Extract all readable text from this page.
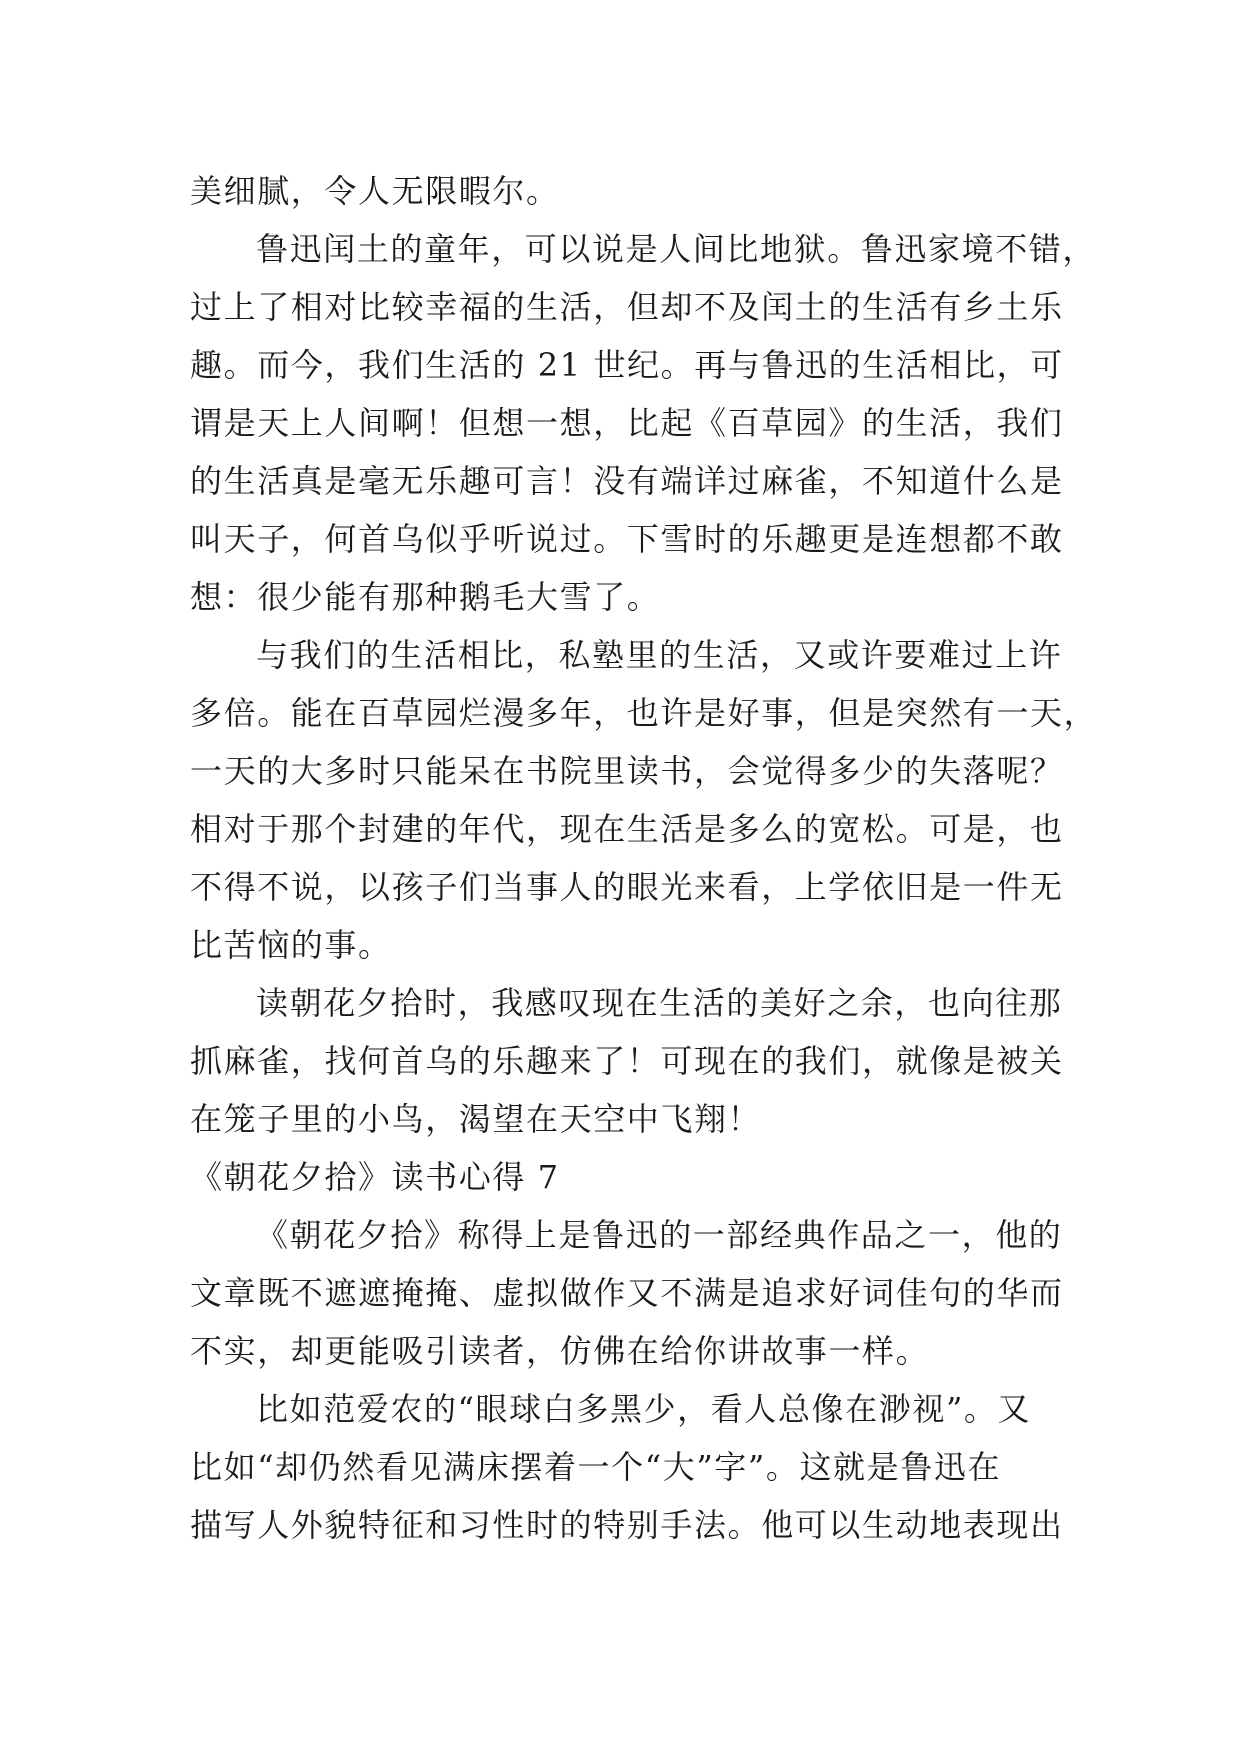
美细腻，令人无限暇尔。
鲁迅闰土的童年，可以说是人间比地狱。鲁迅家境不错，
过上了相对比较幸福的生活，但却不及闰土的生活有乡土乐
趣。而今，我们生活的 21 世纪。再与鲁迅的生活相比，可
谓是天上人间啊！但想一想，比起《百草园》的生活，我们
的生活真是毫无乐趣可言！没有端详过麻雀，不知道什么是
叫天子，何首乌似乎听说过。下雪时的乐趣更是连想都不敢
想：很少能有那种鹅毛大雪了。
与我们的生活相比，私塾里的生活，又或许要难过上许
多倍。能在百草园烂漫多年，也许是好事，但是突然有一天，
一天的大多时只能呆在书院里读书，会觉得多少的失落呢？
相对于那个封建的年代，现在生活是多么的宽松。可是，也
不得不说，以孩子们当事人的眼光来看，上学依旧是一件无
比苦恼的事。
读朝花夕拾时，我感叹现在生活的美好之余，也向往那
抓麻雀，找何首乌的乐趣来了！可现在的我们，就像是被关
在笼子里的小鸟，渴望在天空中飞翔！
《朝花夕拾》读书心得 7
《朝花夕拾》称得上是鲁迅的一部经典作品之一，他的
文章既不遮遮掩掩、虚拟做作又不满是追求好词佳句的华而
不实，却更能吸引读者，仿佛在给你讲故事一样。
比如范爱农的“眼球白多黑少，看人总像在渺视”。又
比如“却仍然看见满床摆着一个“大”字”。这就是鲁迅在
描写人外貌特征和习性时的特别手法。他可以生动地表现出
